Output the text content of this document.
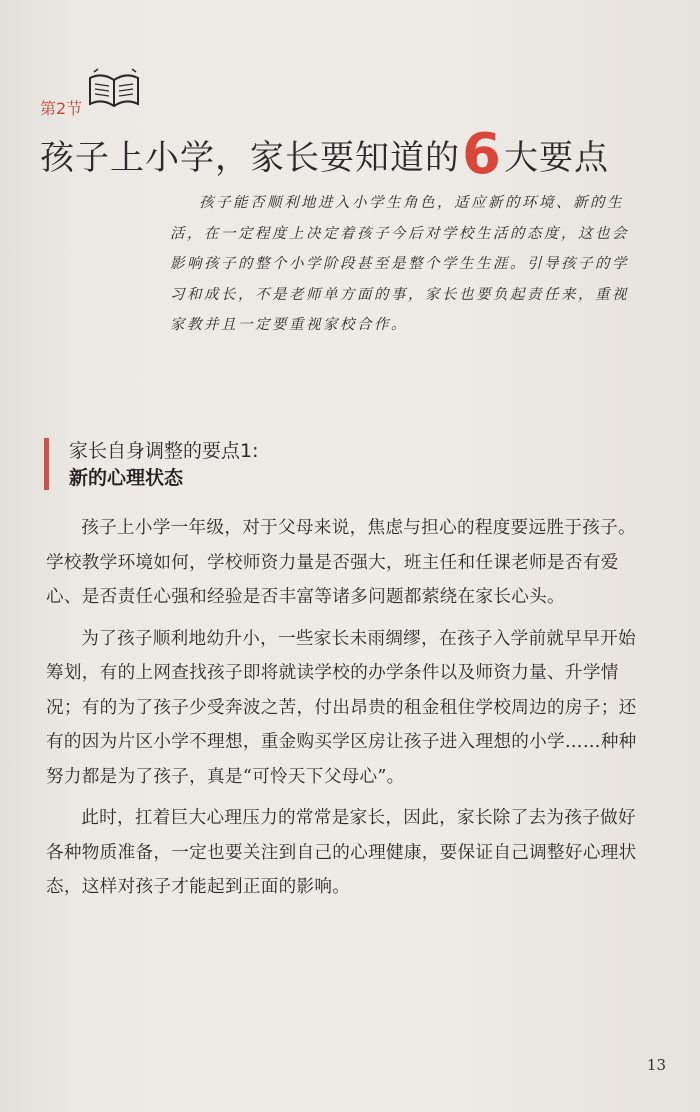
第2节
孩子上小学，家长要知道的6大要点

孩子能否顺利地进入小学生角色，适应新的环境、新的生活，在一定程度上决定着孩子今后对学校生活的态度，这也会影响孩子的整个小学阶段甚至是整个学生生涯。引导孩子的学习和成长，不是老师单方面的事，家长也要负起责任来，重视家教并且一定要重视家校合作。

家长自身调整的要点1:
新的心理状态

孩子上小学一年级，对于父母来说，焦虑与担心的程度要远胜于孩子。学校教学环境如何，学校师资力量是否强大，班主任和任课老师是否有爱心、是否责任心强和经验是否丰富等诸多问题都萦绕在家长心头。

为了孩子顺利地幼升小，一些家长未雨绸缪，在孩子入学前就早早开始筹划，有的上网查找孩子即将就读学校的办学条件以及师资力量、升学情况；有的为了孩子少受奔波之苦，付出昂贵的租金租住学校周边的房子；还有的因为片区小学不理想，重金购买学区房让孩子进入理想的小学……种种努力都是为了孩子，真是“可怜天下父母心”。

此时，扛着巨大心理压力的常常是家长，因此，家长除了去为孩子做好各种物质准备，一定也要关注到自己的心理健康，要保证自己调整好心理状态，这样对孩子才能起到正面的影响。

13
